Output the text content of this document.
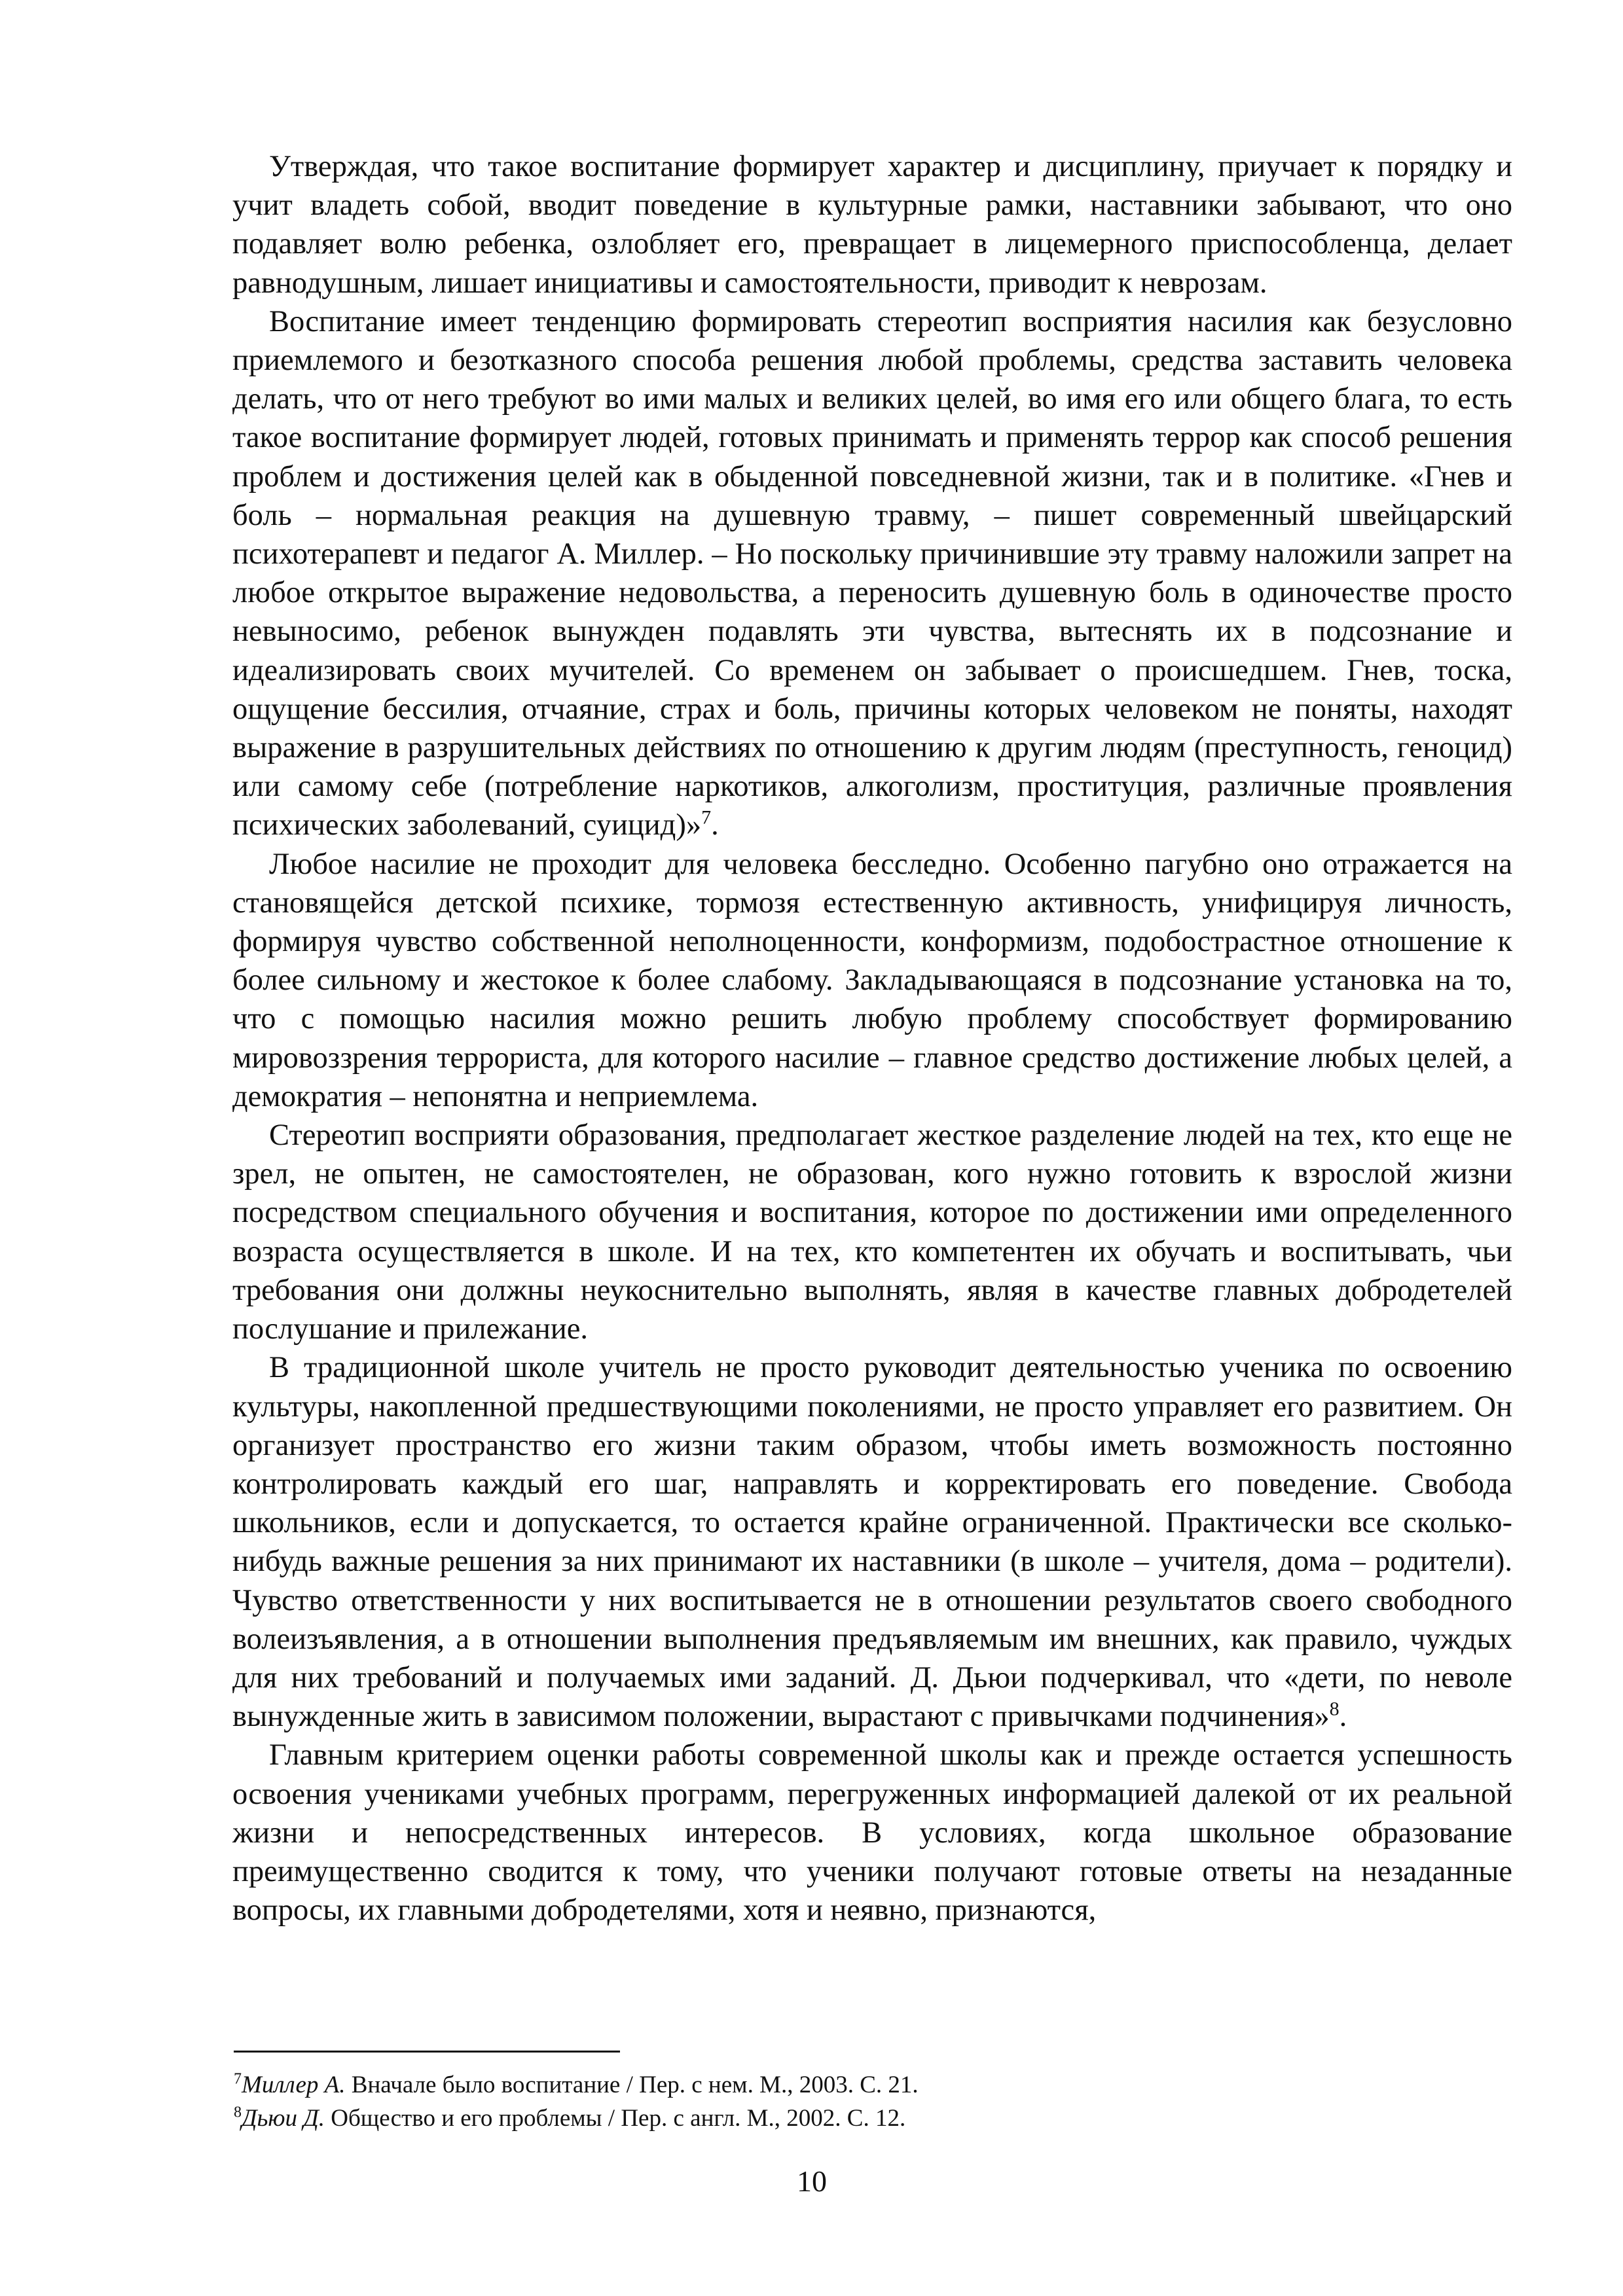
Утверждая, что такое воспитание формирует характер и дисциплину, приучает к порядку и учит владеть собой, вводит поведение в культурные рамки, наставники забывают, что оно подавляет волю ребенка, озлобляет его, превращает в лицемерного приспособленца, делает равнодушным, лишает инициативы и самостоятельности, приводит к неврозам.

Воспитание имеет тенденцию формировать стереотип восприятия насилия как безусловно приемлемого и безотказного способа решения любой проблемы, средства заставить человека делать, что от него требуют во ими малых и великих целей, во имя его или общего блага, то есть такое воспитание формирует людей, готовых принимать и применять террор как способ решения проблем и достижения целей как в обыденной повседневной жизни, так и в политике. «Гнев и боль – нормальная реакция на душевную травму, – пишет современный швейцарский психотерапевт и педагог А. Миллер. – Но поскольку причинившие эту травму наложили запрет на любое открытое выражение недовольства, а переносить душевную боль в одиночестве просто невыносимо, ребенок вынужден подавлять эти чувства, вытеснять их в подсознание и идеализировать своих мучителей. Со временем он забывает о происшедшем. Гнев, тоска, ощущение бессилия, отчаяние, страх и боль, причины которых человеком не поняты, находят выражение в разрушительных действиях по отношению к другим людям (преступность, геноцид) или самому себе (потребление наркотиков, алкоголизм, проституция, различные проявления психических заболеваний, суицид)»$^7$.

Любое насилие не проходит для человека бесследно. Особенно пагубно оно отражается на становящейся детской психике, тормозя естественную активность, унифицируя личность, формируя чувство собственной неполноценности, конформизм, подобострастное отношение к более сильному и жестокое к более слабому. Закладывающаяся в подсознание установка на то, что с помощью насилия можно решить любую проблему способствует формированию мировоззрения террориста, для которого насилие – главное средство достижение любых целей, а демократия – непонятна и неприемлема.

Стереотип восприяти образования, предполагает жесткое разделение людей на тех, кто еще не зрел, не опытен, не самостоятелен, не образован, кого нужно готовить к взрослой жизни посредством специального обучения и воспитания, которое по достижении ими определенного возраста осуществляется в школе. И на тех, кто компетентен их обучать и воспитывать, чьи требования они должны неукоснительно выполнять, являя в качестве главных добродетелей послушание и прилежание.

В традиционной школе учитель не просто руководит деятельностью ученика по освоению культуры, накопленной предшествующими поколениями, не просто управляет его развитием. Он организует пространство его жизни таким образом, чтобы иметь возможность постоянно контролировать каждый его шаг, направлять и корректировать его поведение. Свобода школьников, если и допускается, то остается крайне ограниченной. Практически все сколько-нибудь важные решения за них принимают их наставники (в школе – учителя, дома – родители). Чувство ответственности у них воспитывается не в отношении результатов своего свободного волеизъявления, а в отношении выполнения предъявляемым им внешних, как правило, чуждых для них требований и получаемых ими заданий. Д. Дьюи подчеркивал, что «дети, по неволе вынужденные жить в зависимом положении, вырастают с привычками подчинения»$^8$.

Главным критерием оценки работы современной школы как и прежде остается успешность освоения учениками учебных программ, перегруженных информацией далекой от их реальной жизни и непосредственных интересов. В условиях, когда школьное образование преимущественно сводится к тому, что ученики получают готовые ответы на незаданные вопросы, их главными добродетелями, хотя и неявно, признаются,

$^7$Миллер А. Вначале было воспитание / Пер. с нем. М., 2003. С. 21.

$^8$Дьюи Д. Общество и его проблемы / Пер. с англ. М., 2002. С. 12.

10
